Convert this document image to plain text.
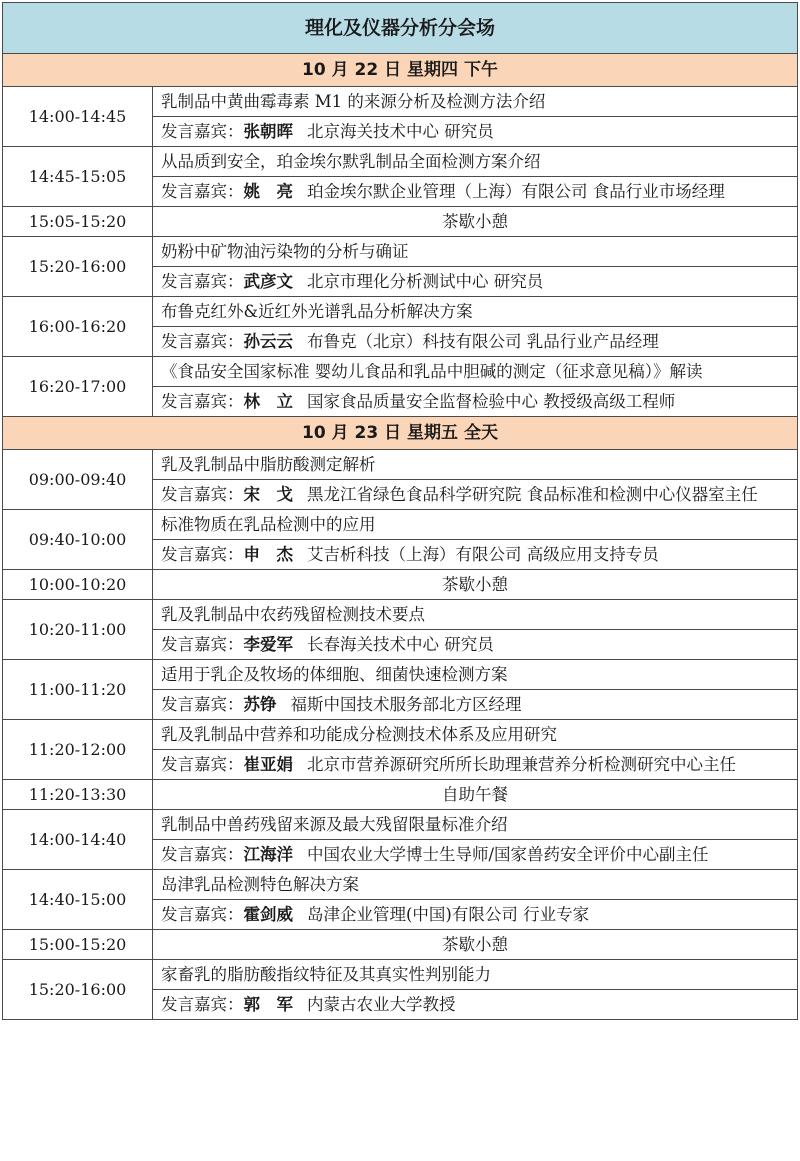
理化及仪器分析分会场	
10 月 22 日 星期四 下午	
14:00-14:45	乳制品中黄曲霉毒素 M1 的来源分析及检测方法介绍
	发言嘉宾：张朝晖 北京海关技术中心 研究员
14:45-15:05	从品质到安全，珀金埃尔默乳制品全面检测方案介绍
	发言嘉宾：姚　亮 珀金埃尔默企业管理（上海）有限公司 食品行业市场经理
15:05-15:20	茶歇小憩
15:20-16:00	奶粉中矿物油污染物的分析与确证
	发言嘉宾：武彦文 北京市理化分析测试中心 研究员
16:00-16:20	布鲁克红外&近红外光谱乳品分析解决方案
	发言嘉宾：孙云云 布鲁克（北京）科技有限公司 乳品行业产品经理
16:20-17:00	《食品安全国家标准 婴幼儿食品和乳品中胆碱的测定（征求意见稿）》解读
	发言嘉宾：林　立 国家食品质量安全监督检验中心 教授级高级工程师
10 月 23 日 星期五 全天	
09:00-09:40	乳及乳制品中脂肪酸测定解析
	发言嘉宾：宋　戈 黑龙江省绿色食品科学研究院 食品标准和检测中心仪器室主任
09:40-10:00	标准物质在乳品检测中的应用
	发言嘉宾：申　杰 艾吉析科技（上海）有限公司 高级应用支持专员
10:00-10:20	茶歇小憩
10:20-11:00	乳及乳制品中农药残留检测技术要点
	发言嘉宾：李爱军 长春海关技术中心 研究员
11:00-11:20	适用于乳企及牧场的体细胞、细菌快速检测方案
	发言嘉宾：苏铮 福斯中国技术服务部北方区经理
11:20-12:00	乳及乳制品中营养和功能成分检测技术体系及应用研究
	发言嘉宾：崔亚娟 北京市营养源研究所所长助理兼营养分析检测研究中心主任
11:20-13:30	自助午餐
14:00-14:40	乳制品中兽药残留来源及最大残留限量标准介绍
	发言嘉宾：江海洋 中国农业大学博士生导师/国家兽药安全评价中心副主任
14:40-15:00	岛津乳品检测特色解决方案
	发言嘉宾：霍剑威 岛津企业管理(中国)有限公司 行业专家
15:00-15:20	茶歇小憩
15:20-16:00	家畜乳的脂肪酸指纹特征及其真实性判别能力
	发言嘉宾：郭　军 内蒙古农业大学教授
